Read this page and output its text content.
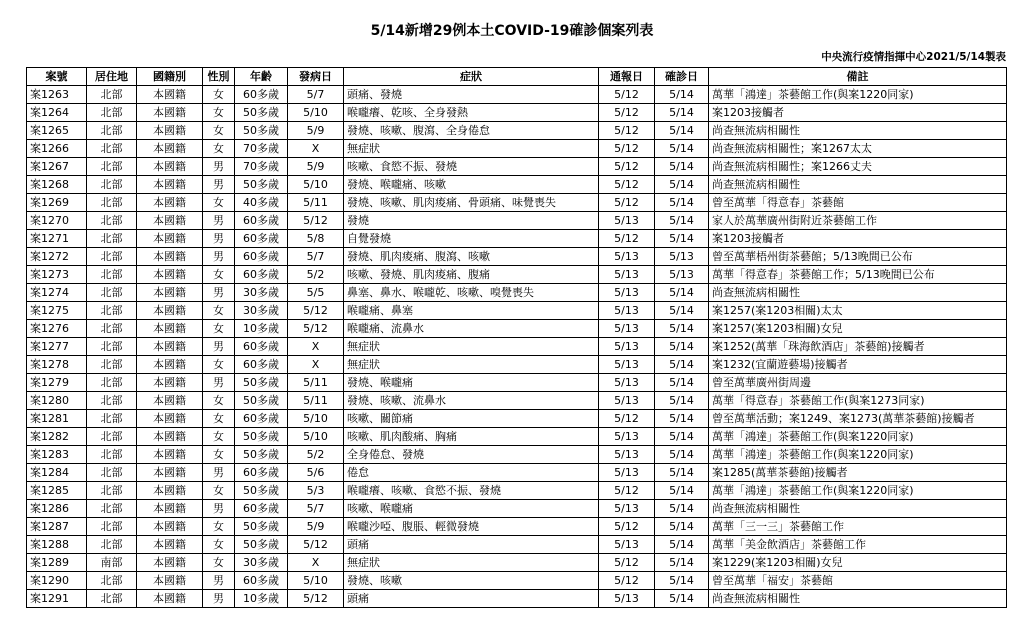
5/14新增29例本土COVID-19確診個案列表
中央流行疫情指揮中心2021/5/14製表
案號	居住地	國籍別	性別	年齡	發病日	症狀	通報日	確診日	備註
案1263	北部	本國籍	女	60多歲	5/7	頭痛、發燒	5/12	5/14	萬華「鴻達」茶藝館工作(與案1220同家)
案1264	北部	本國籍	女	50多歲	5/10	喉嚨癢、乾咳、全身發熱	5/12	5/14	案1203接觸者
案1265	北部	本國籍	女	50多歲	5/9	發燒、咳嗽、腹瀉、全身倦怠	5/12	5/14	尚查無流病相關性
案1266	北部	本國籍	女	70多歲	X	無症狀	5/12	5/14	尚查無流病相關性；案1267太太
案1267	北部	本國籍	男	70多歲	5/9	咳嗽、食慾不振、發燒	5/12	5/14	尚查無流病相關性；案1266丈夫
案1268	北部	本國籍	男	50多歲	5/10	發燒、喉嚨痛、咳嗽	5/12	5/14	尚查無流病相關性
案1269	北部	本國籍	女	40多歲	5/11	發燒、咳嗽、肌肉痠痛、骨頭痛、味覺喪失	5/12	5/14	曾至萬華「得意春」茶藝館
案1270	北部	本國籍	男	60多歲	5/12	發燒	5/13	5/14	家人於萬華廣州街附近茶藝館工作
案1271	北部	本國籍	男	60多歲	5/8	自覺發燒	5/12	5/14	案1203接觸者
案1272	北部	本國籍	男	60多歲	5/7	發燒、肌肉痠痛、腹瀉、咳嗽	5/13	5/13	曾至萬華梧州街茶藝館；5/13晚間已公布
案1273	北部	本國籍	女	60多歲	5/2	咳嗽、發燒、肌肉痠痛、腹痛	5/13	5/13	萬華「得意春」茶藝館工作；5/13晚間已公布
案1274	北部	本國籍	男	30多歲	5/5	鼻塞、鼻水、喉嚨乾、咳嗽、嗅覺喪失	5/13	5/14	尚查無流病相關性
案1275	北部	本國籍	女	30多歲	5/12	喉嚨痛、鼻塞	5/13	5/14	案1257(案1203相關)太太
案1276	北部	本國籍	女	10多歲	5/12	喉嚨痛、流鼻水	5/13	5/14	案1257(案1203相關)女兒
案1277	北部	本國籍	男	60多歲	X	無症狀	5/13	5/14	案1252(萬華「珠海飲酒店」茶藝館)接觸者
案1278	北部	本國籍	女	60多歲	X	無症狀	5/13	5/14	案1232(宜蘭遊藝場)接觸者
案1279	北部	本國籍	男	50多歲	5/11	發燒、喉嚨痛	5/13	5/14	曾至萬華廣州街周邊
案1280	北部	本國籍	女	50多歲	5/11	發燒、咳嗽、流鼻水	5/13	5/14	萬華「得意春」茶藝館工作(與案1273同家)
案1281	北部	本國籍	女	60多歲	5/10	咳嗽、關節痛	5/12	5/14	曾至萬華活動；案1249、案1273(萬華茶藝館)接觸者
案1282	北部	本國籍	女	50多歲	5/10	咳嗽、肌肉酸痛、胸痛	5/13	5/14	萬華「鴻達」茶藝館工作(與案1220同家)
案1283	北部	本國籍	女	50多歲	5/2	全身倦怠、發燒	5/13	5/14	萬華「鴻達」茶藝館工作(與案1220同家)
案1284	北部	本國籍	男	60多歲	5/6	倦怠	5/13	5/14	案1285(萬華茶藝館)接觸者
案1285	北部	本國籍	女	50多歲	5/3	喉嚨癢、咳嗽、食慾不振、發燒	5/12	5/14	萬華「鴻達」茶藝館工作(與案1220同家)
案1286	北部	本國籍	男	60多歲	5/7	咳嗽、喉嚨痛	5/13	5/14	尚查無流病相關性
案1287	北部	本國籍	女	50多歲	5/9	喉嚨沙啞、腹脹、輕微發燒	5/12	5/14	萬華「三一三」茶藝館工作
案1288	北部	本國籍	女	50多歲	5/12	頭痛	5/13	5/14	萬華「美金飲酒店」茶藝館工作
案1289	南部	本國籍	女	30多歲	X	無症狀	5/12	5/14	案1229(案1203相關)女兒
案1290	北部	本國籍	男	60多歲	5/10	發燒、咳嗽	5/12	5/14	曾至萬華「福安」茶藝館
案1291	北部	本國籍	男	10多歲	5/12	頭痛	5/13	5/14	尚查無流病相關性
